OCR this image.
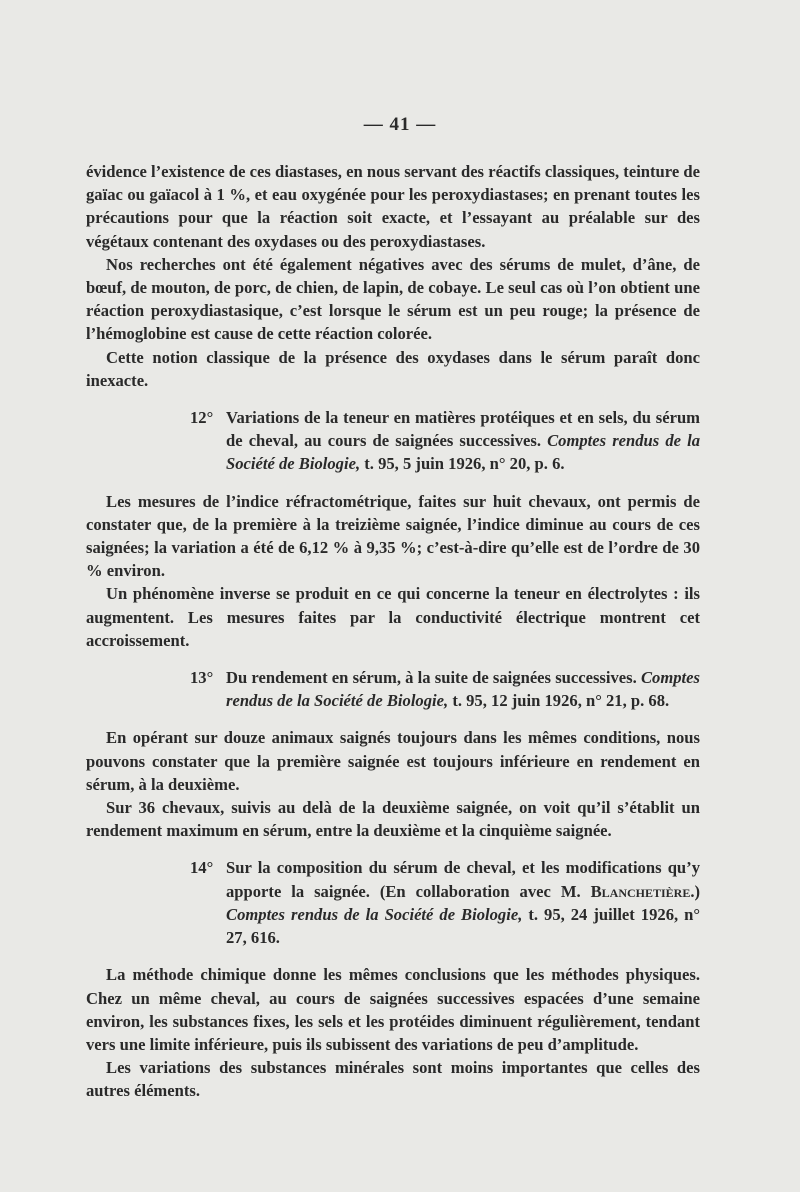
— 41 —

évidence l’existence de ces diastases, en nous servant des réactifs classiques, teinture de gaïac ou gaïacol à 1 %, et eau oxygénée pour les peroxydiastases; en prenant toutes les précautions pour que la réaction soit exacte, et l’essayant au préalable sur des végétaux contenant des oxydases ou des peroxydiastases.

Nos recherches ont été également négatives avec des sérums de mulet, d’âne, de bœuf, de mouton, de porc, de chien, de lapin, de cobaye. Le seul cas où l’on obtient une réaction peroxydiastasique, c’est lorsque le sérum est un peu rouge; la présence de l’hémoglobine est cause de cette réaction colorée.

Cette notion classique de la présence des oxydases dans le sérum paraît donc inexacte.

12° Variations de la teneur en matières protéiques et en sels, du sérum de cheval, au cours de saignées successives. Comptes rendus de la Société de Biologie, t. 95, 5 juin 1926, n° 20, p. 6.

Les mesures de l’indice réfractométrique, faites sur huit chevaux, ont permis de constater que, de la première à la treizième saignée, l’indice diminue au cours de ces saignées; la variation a été de 6,12 % à 9,35 %; c’est-à-dire qu’elle est de l’ordre de 30 % environ.

Un phénomène inverse se produit en ce qui concerne la teneur en électrolytes : ils augmentent. Les mesures faites par la conductivité électrique montrent cet accroissement.

13° Du rendement en sérum, à la suite de saignées successives. Comptes rendus de la Société de Biologie, t. 95, 12 juin 1926, n° 21, p. 68.

En opérant sur douze animaux saignés toujours dans les mêmes conditions, nous pouvons constater que la première saignée est toujours inférieure en rendement en sérum, à la deuxième.

Sur 36 chevaux, suivis au delà de la deuxième saignée, on voit qu’il s’établit un rendement maximum en sérum, entre la deuxième et la cinquième saignée.

14° Sur la composition du sérum de cheval, et les modifications qu’y apporte la saignée. (En collaboration avec M. Blanchetière.) Comptes rendus de la Société de Biologie, t. 95, 24 juillet 1926, n° 27, 616.

La méthode chimique donne les mêmes conclusions que les méthodes physiques. Chez un même cheval, au cours de saignées successives espacées d’une semaine environ, les substances fixes, les sels et les protéides diminuent régulièrement, tendant vers une limite inférieure, puis ils subissent des variations de peu d’amplitude.

Les variations des substances minérales sont moins importantes que celles des autres éléments.
